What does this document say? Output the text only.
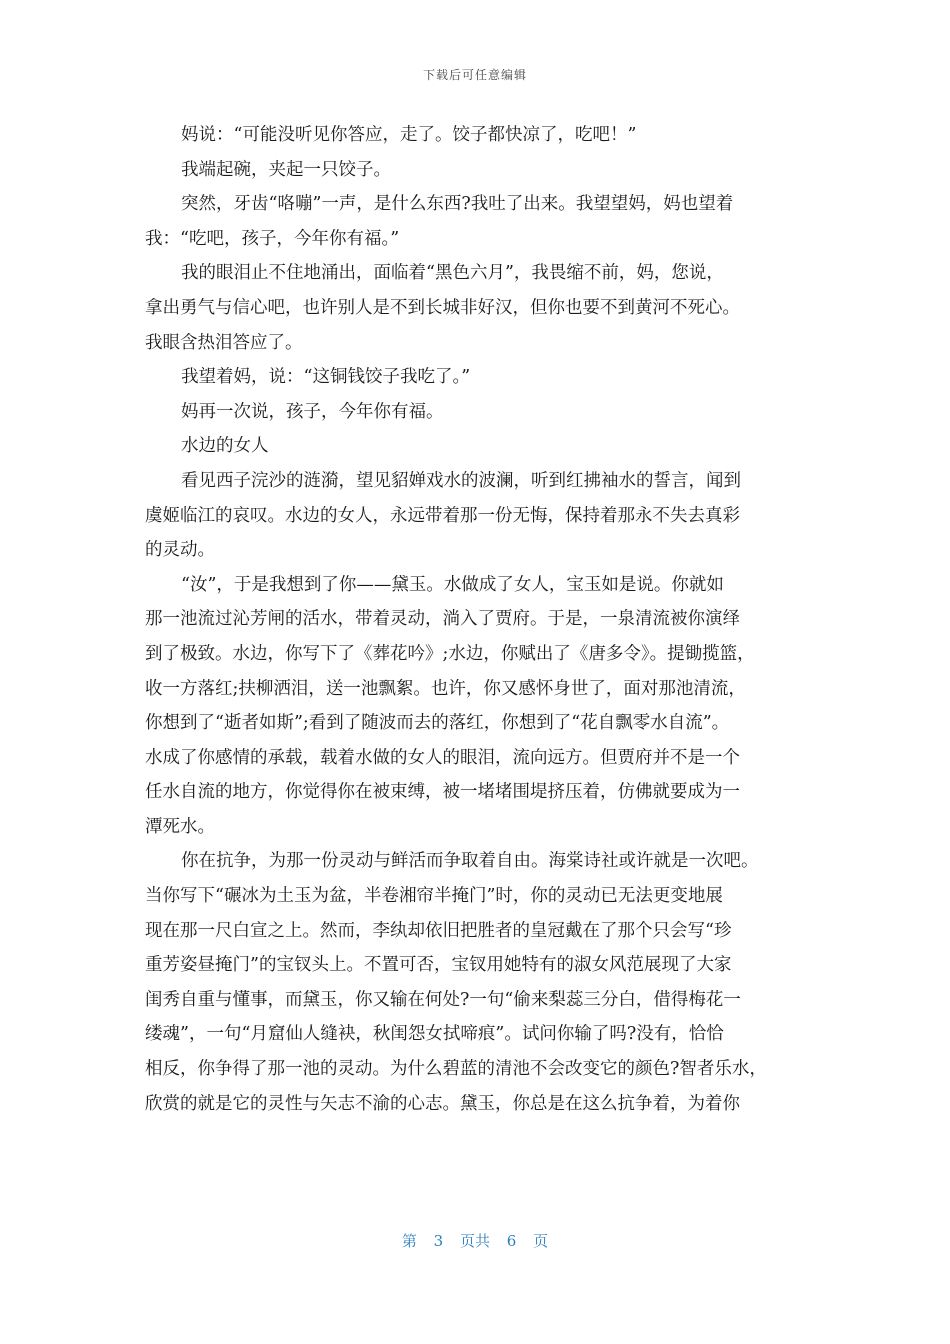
下载后可任意编辑
妈说：“可能没听见你答应，走了。饺子都快凉了，吃吧！”
我端起碗，夹起一只饺子。
突然，牙齿“咯嘣”一声，是什么东西?我吐了出来。我望望妈，妈也望着
我：“吃吧，孩子，今年你有福。”
我的眼泪止不住地涌出，面临着“黑色六月”，我畏缩不前，妈，您说，
拿出勇气与信心吧，也许别人是不到长城非好汉，但你也要不到黄河不死心。
我眼含热泪答应了。
我望着妈，说：“这铜钱饺子我吃了。”
妈再一次说，孩子，今年你有福。
水边的女人
看见西子浣沙的涟漪，望见貂婵戏水的波澜，听到红拂袖水的誓言，闻到
虞姬临江的哀叹。水边的女人，永远带着那一份无悔，保持着那永不失去真彩
的灵动。
“汝”，于是我想到了你——黛玉。水做成了女人，宝玉如是说。你就如
那一池流过沁芳闸的活水，带着灵动，淌入了贾府。于是，一泉清流被你演绎
到了极致。水边，你写下了《葬花吟》;水边，你赋出了《唐多令》。提锄揽篮，
收一方落红;扶柳洒泪，送一池飘絮。也许，你又感怀身世了，面对那池清流，
你想到了“逝者如斯”;看到了随波而去的落红，你想到了“花自飘零水自流”。
水成了你感情的承载，载着水做的女人的眼泪，流向远方。但贾府并不是一个
任水自流的地方，你觉得你在被束缚，被一堵堵围堤挤压着，仿佛就要成为一
潭死水。
你在抗争，为那一份灵动与鲜活而争取着自由。海棠诗社或许就是一次吧。
当你写下“碾冰为土玉为盆，半卷湘帘半掩门”时，你的灵动已无法更变地展
现在那一尺白宣之上。然而，李纨却依旧把胜者的皇冠戴在了那个只会写“珍
重芳姿昼掩门”的宝钗头上。不置可否，宝钗用她特有的淑女风范展现了大家
闺秀自重与懂事，而黛玉，你又输在何处?一句“偷来梨蕊三分白，借得梅花一
缕魂”，一句“月窟仙人缝袂，秋闺怨女拭啼痕”。试问你输了吗?没有，恰恰
相反，你争得了那一池的灵动。为什么碧蓝的清池不会改变它的颜色?智者乐水，
欣赏的就是它的灵性与矢志不渝的心志。黛玉，你总是在这么抗争着，为着你
第 3 页共 6 页
